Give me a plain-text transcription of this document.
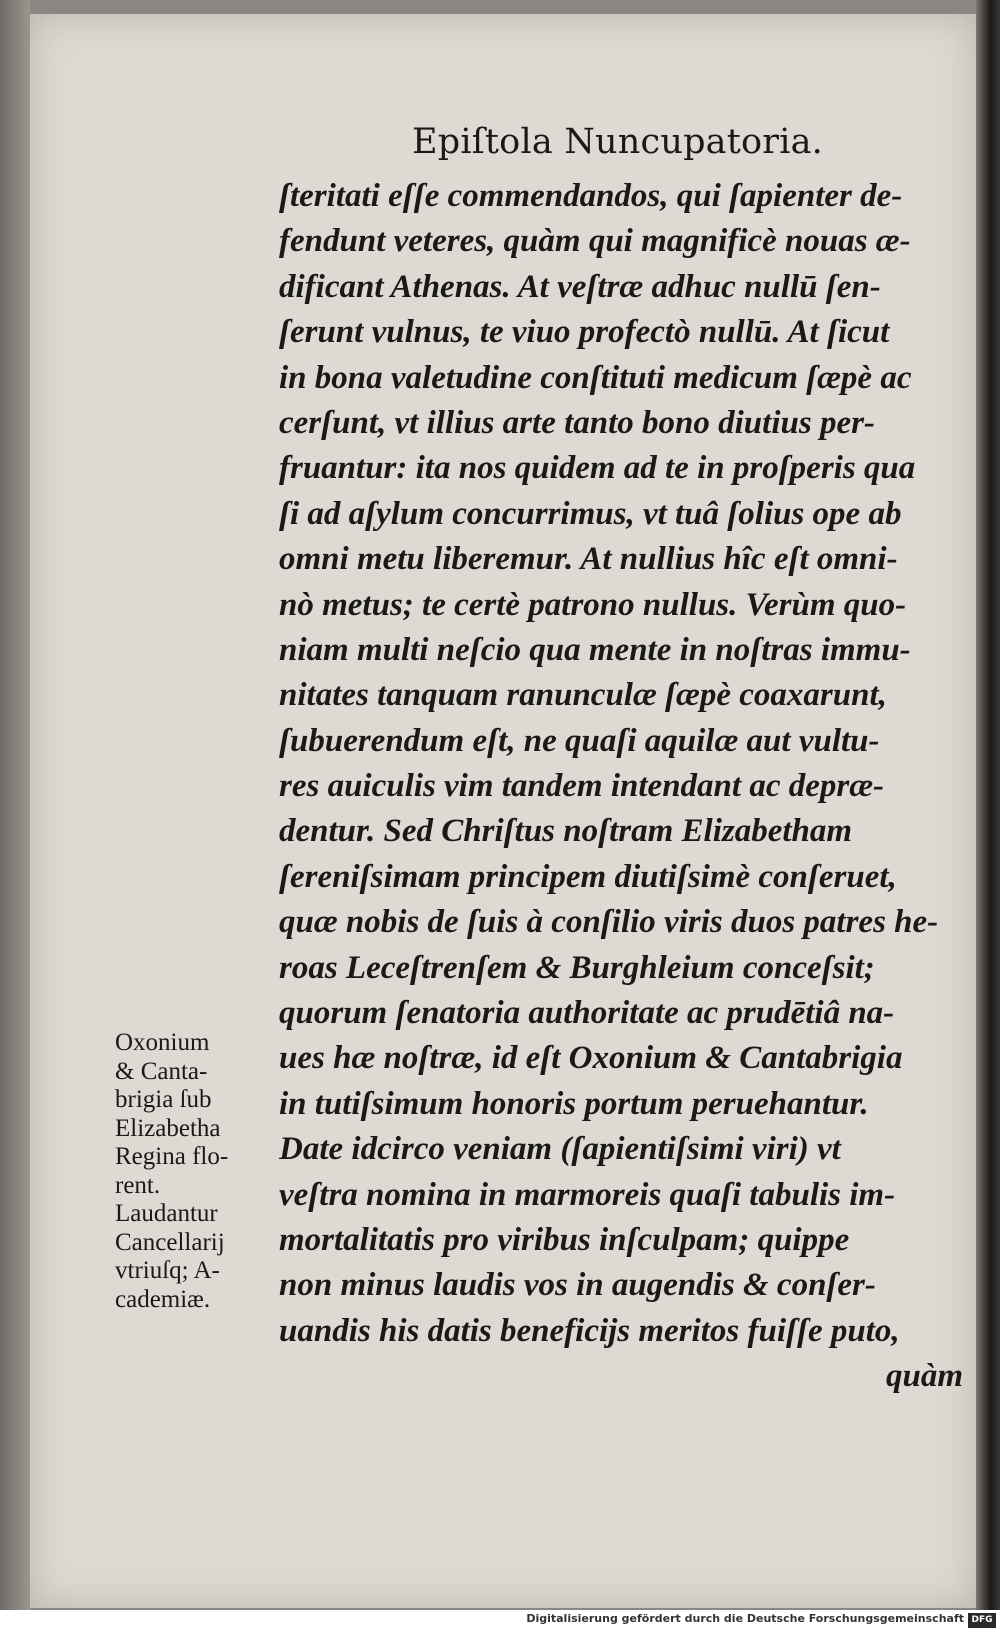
Epiſtola Nuncupatoria.
ſteritati eſſe commendandos, qui ſapienter de-
fendunt veteres, quàm qui magnificè nouas æ-
dificant Athenas. At veſtræ adhuc nullū ſen-
ſerunt vulnus, te viuo profectò nullū. At ſicut
in bona valetudine conſtituti medicum ſæpè ac
cerſunt, vt illius arte tanto bono diutius per-
fruantur: ita nos quidem ad te in proſperis qua
ſi ad aſylum concurrimus, vt tuâ ſolius ope ab
omni metu liberemur. At nullius hîc eſt omni-
nò metus; te certè patrono nullus. Verùm quo-
niam multi neſcio qua mente in noſtras immu-
nitates tanquam ranunculæ ſæpè coaxarunt,
ſubuerendum eſt, ne quaſi aquilæ aut vultu-
res auiculis vim tandem intendant ac depræ-
dentur. Sed Chriſtus noſtram Elizabetham
ſereniſsimam principem diutiſsimè conſeruet,
quæ nobis de ſuis à conſilio viris duos patres he-
roas Leceſtrenſem & Burghleium conceſsit;
quorum ſenatoria authoritate ac prudētiâ na-
ues hæ noſtræ, id eſt Oxonium & Cantabrigia
in tutiſsimum honoris portum peruehantur.
Date idcirco veniam (ſapientiſsimi viri) vt
veſtra nomina in marmoreis quaſi tabulis im-
mortalitatis pro viribus inſculpam; quippe
non minus laudis vos in augendis & conſer-
uandis his datis beneficijs meritos fuiſſe puto,
quàm
Oxonium
& Canta-
brigia ſub
Elizabetha
Regina flo-
rent.
Laudantur
Cancellarij
vtriuſq; A-
cademiæ.
Digitalisierung gefördert durch die Deutsche Forschungsgemeinschaft DFG
